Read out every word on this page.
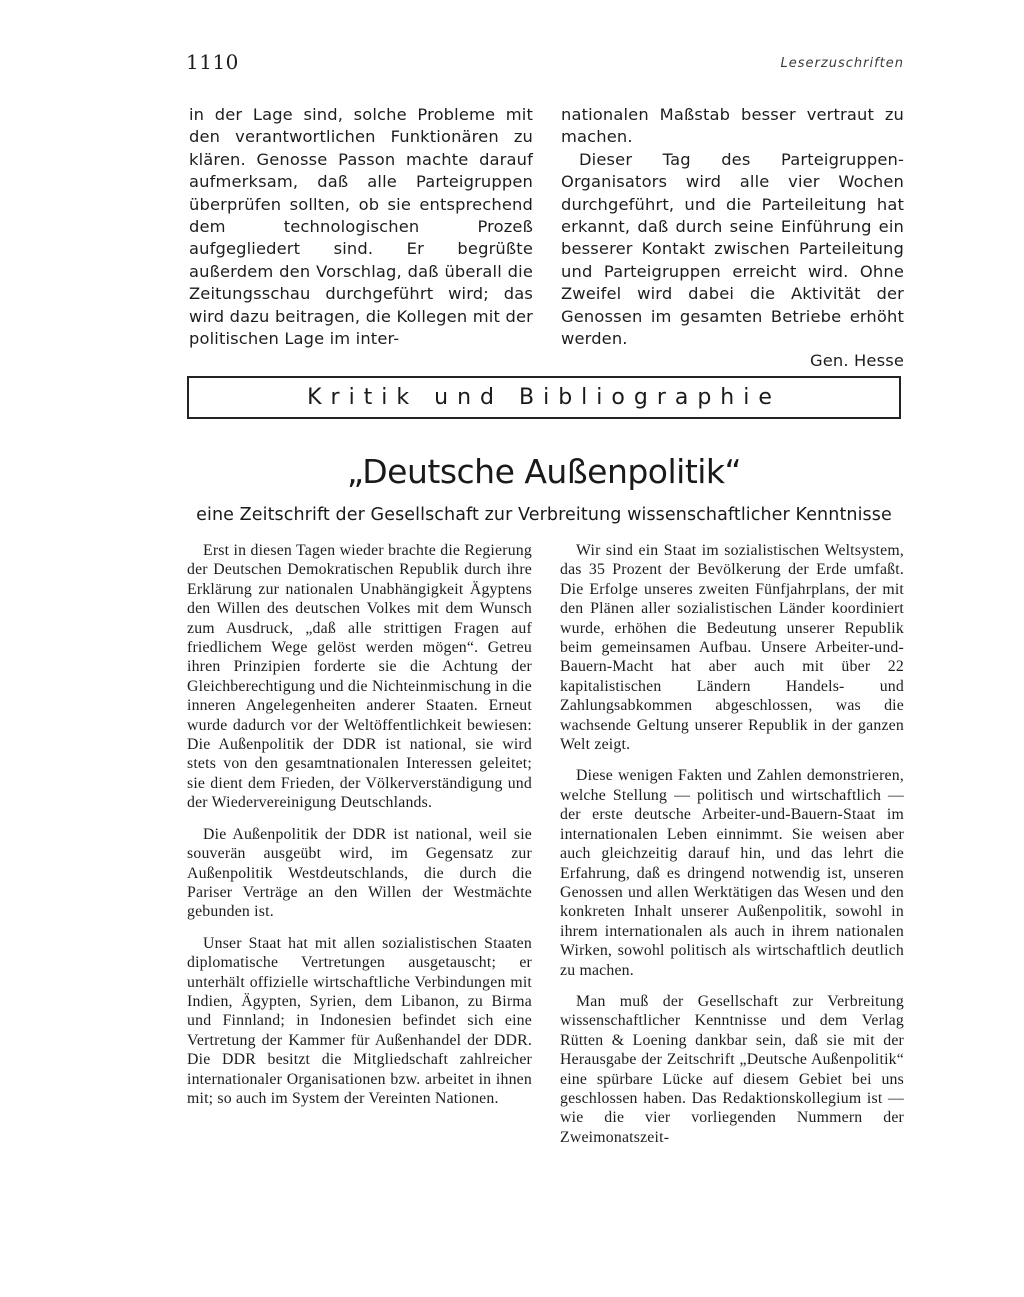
1110	Leserzuschriften

in der Lage sind, solche Probleme mit den verantwortlichen Funktionären zu klären. Genosse Passon machte darauf aufmerksam, daß alle Parteigruppen überprüfen sollten, ob sie entsprechend dem technologischen Prozeß aufgegliedert sind. Er begrüßte außerdem den Vorschlag, daß überall die Zeitungsschau durchgeführt wird; das wird dazu beitragen, die Kollegen mit der politischen Lage im inter-

nationalen Maßstab besser vertraut zu machen.

Dieser Tag des Parteigruppen-Organisators wird alle vier Wochen durchgeführt, und die Parteileitung hat erkannt, daß durch seine Einführung ein besserer Kontakt zwischen Parteileitung und Parteigruppen erreicht wird. Ohne Zweifel wird dabei die Aktivität der Genossen im gesamten Betriebe erhöht werden.

Gen. Hesse

Kritik und Bibliographie
„Deutsche Außenpolitik“
eine Zeitschrift der Gesellschaft zur Verbreitung wissenschaftlicher Kenntnisse

Erst in diesen Tagen wieder brachte die Regierung der Deutschen Demokratischen Republik durch ihre Erklärung zur nationalen Unabhängigkeit Ägyptens den Willen des deutschen Volkes mit dem Wunsch zum Ausdruck, „daß alle strittigen Fragen auf friedlichem Wege gelöst werden mögen“. Getreu ihren Prinzipien forderte sie die Achtung der Gleichberechtigung und die Nichteinmischung in die inneren Angelegenheiten anderer Staaten. Erneut wurde dadurch vor der Weltöffentlichkeit bewiesen: Die Außenpolitik der DDR ist national, sie wird stets von den gesamtnationalen Interessen geleitet; sie dient dem Frieden, der Völkerverständigung und der Wiedervereinigung Deutschlands.

Die Außenpolitik der DDR ist national, weil sie souverän ausgeübt wird, im Gegensatz zur Außenpolitik Westdeutschlands, die durch die Pariser Verträge an den Willen der Westmächte gebunden ist.

Unser Staat hat mit allen sozialistischen Staaten diplomatische Vertretungen ausgetauscht; er unterhält offizielle wirtschaftliche Verbindungen mit Indien, Ägypten, Syrien, dem Libanon, zu Birma und Finnland; in Indonesien befindet sich eine Vertretung der Kammer für Außenhandel der DDR. Die DDR besitzt die Mitgliedschaft zahlreicher internationaler Organisationen bzw. arbeitet in ihnen mit; so auch im System der Vereinten Nationen.

Wir sind ein Staat im sozialistischen Weltsystem, das 35 Prozent der Bevölkerung der Erde umfaßt. Die Erfolge unseres zweiten Fünfjahrplans, der mit den Plänen aller sozialistischen Länder koordiniert wurde, erhöhen die Bedeutung unserer Republik beim gemeinsamen Aufbau. Unsere Arbeiter-und-Bauern-Macht hat aber auch mit über 22 kapitalistischen Ländern Handels- und Zahlungsabkommen abgeschlossen, was die wachsende Geltung unserer Republik in der ganzen Welt zeigt.

Diese wenigen Fakten und Zahlen demonstrieren, welche Stellung — politisch und wirtschaftlich — der erste deutsche Arbeiter-und-Bauern-Staat im internationalen Leben einnimmt. Sie weisen aber auch gleichzeitig darauf hin, und das lehrt die Erfahrung, daß es dringend notwendig ist, unseren Genossen und allen Werktätigen das Wesen und den konkreten Inhalt unserer Außenpolitik, sowohl in ihrem internationalen als auch in ihrem nationalen Wirken, sowohl politisch als wirtschaftlich deutlich zu machen.

Man muß der Gesellschaft zur Verbreitung wissenschaftlicher Kenntnisse und dem Verlag Rütten & Loening dankbar sein, daß sie mit der Herausgabe der Zeitschrift „Deutsche Außenpolitik“ eine spürbare Lücke auf diesem Gebiet bei uns geschlossen haben. Das Redaktionskollegium ist — wie die vier vorliegenden Nummern der Zweimonatszeit-
